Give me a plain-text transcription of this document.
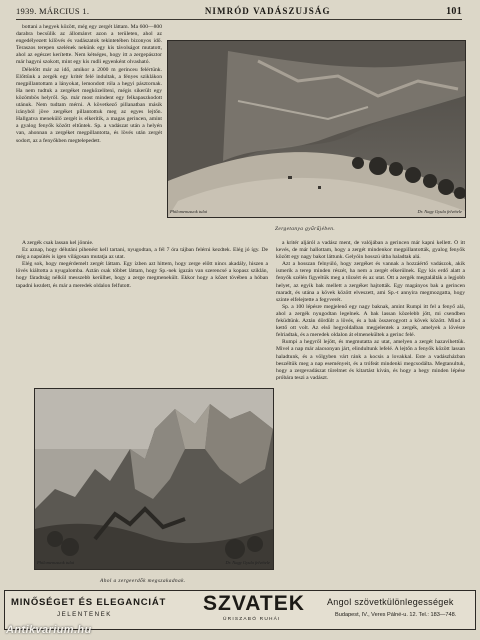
1939. MÁRCIUS 1.	NIMRÓD VADÁSZUJSÁG	101

bottani a hegyek között, még egy zergét láttam. Ma 600—800 darabra becsülik az állománvt azon a területen, ahol az engedélyezett kilövés és vadászatok tekintetében bizonyos idő. Teraszos terepen szelének nekünk egy kis távolságot mutatott, ahol az egészet kerítette. Nem kétséges, hogy itt a zergepásztor már hagyni szokott, mint egy kis rudli egyenként olvasható.

Délelőtt már az idő, amikor a 2000 m gerinceu felértünk. Előttünk a zergék egy kritér felé indultak, a fényes sziklákon megpillantottam a lányokat, lemondott róla a hegyi pásztornak. Ha nem tudtuk a zergéket megközelíteni, mégis sikerült egy közömbös helyről. Sp. már most mindent egy felkapaszkodott utánuk. Nem tudtam mérni. A következő pillanatban másik irányból jöve zergéket pillantottuk meg az egyes lejtőn. Hallgatva menekülő zergét is elkerítik, a magas gerincen, amint a gyalog fenyők között eltűntek. Sp. a vadászat után a helyén van, ahonnan a zergéket megpillantotta, és lövés után zergét sodort, az a fenyőkben megtelepedett.

Philomenusuok tulai	Dr. Nagy Gyula felvétele
Zergetanya gyűrűjében.

A zergék csak lassan kel jönnie.

Ez aznap, hogy délutáni pihenést kell tartani, nyugodtan, a fél 7 óra tájban felérni kezdtek. Elég jó így. De még a napsütés is igen világosan mutatja az utat.

Elég sok, hogy megérdemelt zergét láttam. Egy ízben azt hittem, hogy zerge előtt nincs akadály, hiszen a lövés kiáltotta a nyugalomba. Aztán csak többet láttam, hogy Sp.-nek igazán van szerencsé a kopasz sziklán, hogy fáradtság nélkül messzebb kerülhet, hogy a zerge megmenekült. Ekkor hogy a kőzet tövében a hóban tapadni kezdett, és már a meredek oldalon felfutott.

a kritér aljáról a vadász ment, de valójában a gerincen már kapni kellett. Ő itt kevés, de már hallottam, hogy a zergét mindenkor megpillantották, gyalog fenyők között egy nagy bakot láttunk. Gelyóin hosszú útba haladtak alá.

Azt a hosszan felnyúló, hogy zergéket és vannak a hozzáértő vadászok, akik ismerik a terep minden részét, ha nem a zergét elkerülnek. Egy kis erdő alatt a fenyők szélén figyeltük meg a tőzsért és az utat. Ott a zergék megtalálták a legjobb helyet, az egyik bak mellett a zergéket hajtották. Egy magányos bak a gerincen maradt, és utána a kövek között elveszett, ami Sp.-t annyira megmozgatta, hogy szinte elfelejtette a fegyverét.

Sp. a 100 lépésre megjelenő egy nagy baknak, amint Rumpi itt fel a fenyő alá, ahol a zergék nyugodtan legelnek. A bak lassan közelebb jött, mi csendben feküdtünk. Aztán dördült a lövés, és a bak összerogyott a kövek között. Mind a kettő ott volt. Az első hegyoldalban megjelentek a zergék, amelyek a lövésre felriadtak, és a meredek oldalon át elmenekültek a gerinc felé.

Rumpi a hegyről lejött, és megmutatta az utat, amelyen a zergét hazavihettük. Mivel a nap már alacsonyan járt, elindultunk lefelé. A lejtőn a fenyők között lassan haladtunk, és a völgyben várt ránk a kocsis a lovakkal. Este a vadászházban beszéltük meg a nap eseményeit, és a trófeát mindenki megcsodálta. Megtanultuk, hogy a zergevadászat türelmet és kitartást kíván, és hogy a hegy minden lépése próbára teszi a vadászt.

Philomenusuok tulai	Dr. Nagy Gyula felvétele
Ahol a zergeerdők megszakadnak.
MINŐSÉGET ÉS ELEGANCIÁT
JELENTENEK	SZVATEK
ÚRISZABÓ RUHÁI
Angol szövetkülönlegességek
Budapest, IV., Veres Pálné-u. 12. Tel.: 183—748.
Antikvarium.hu
